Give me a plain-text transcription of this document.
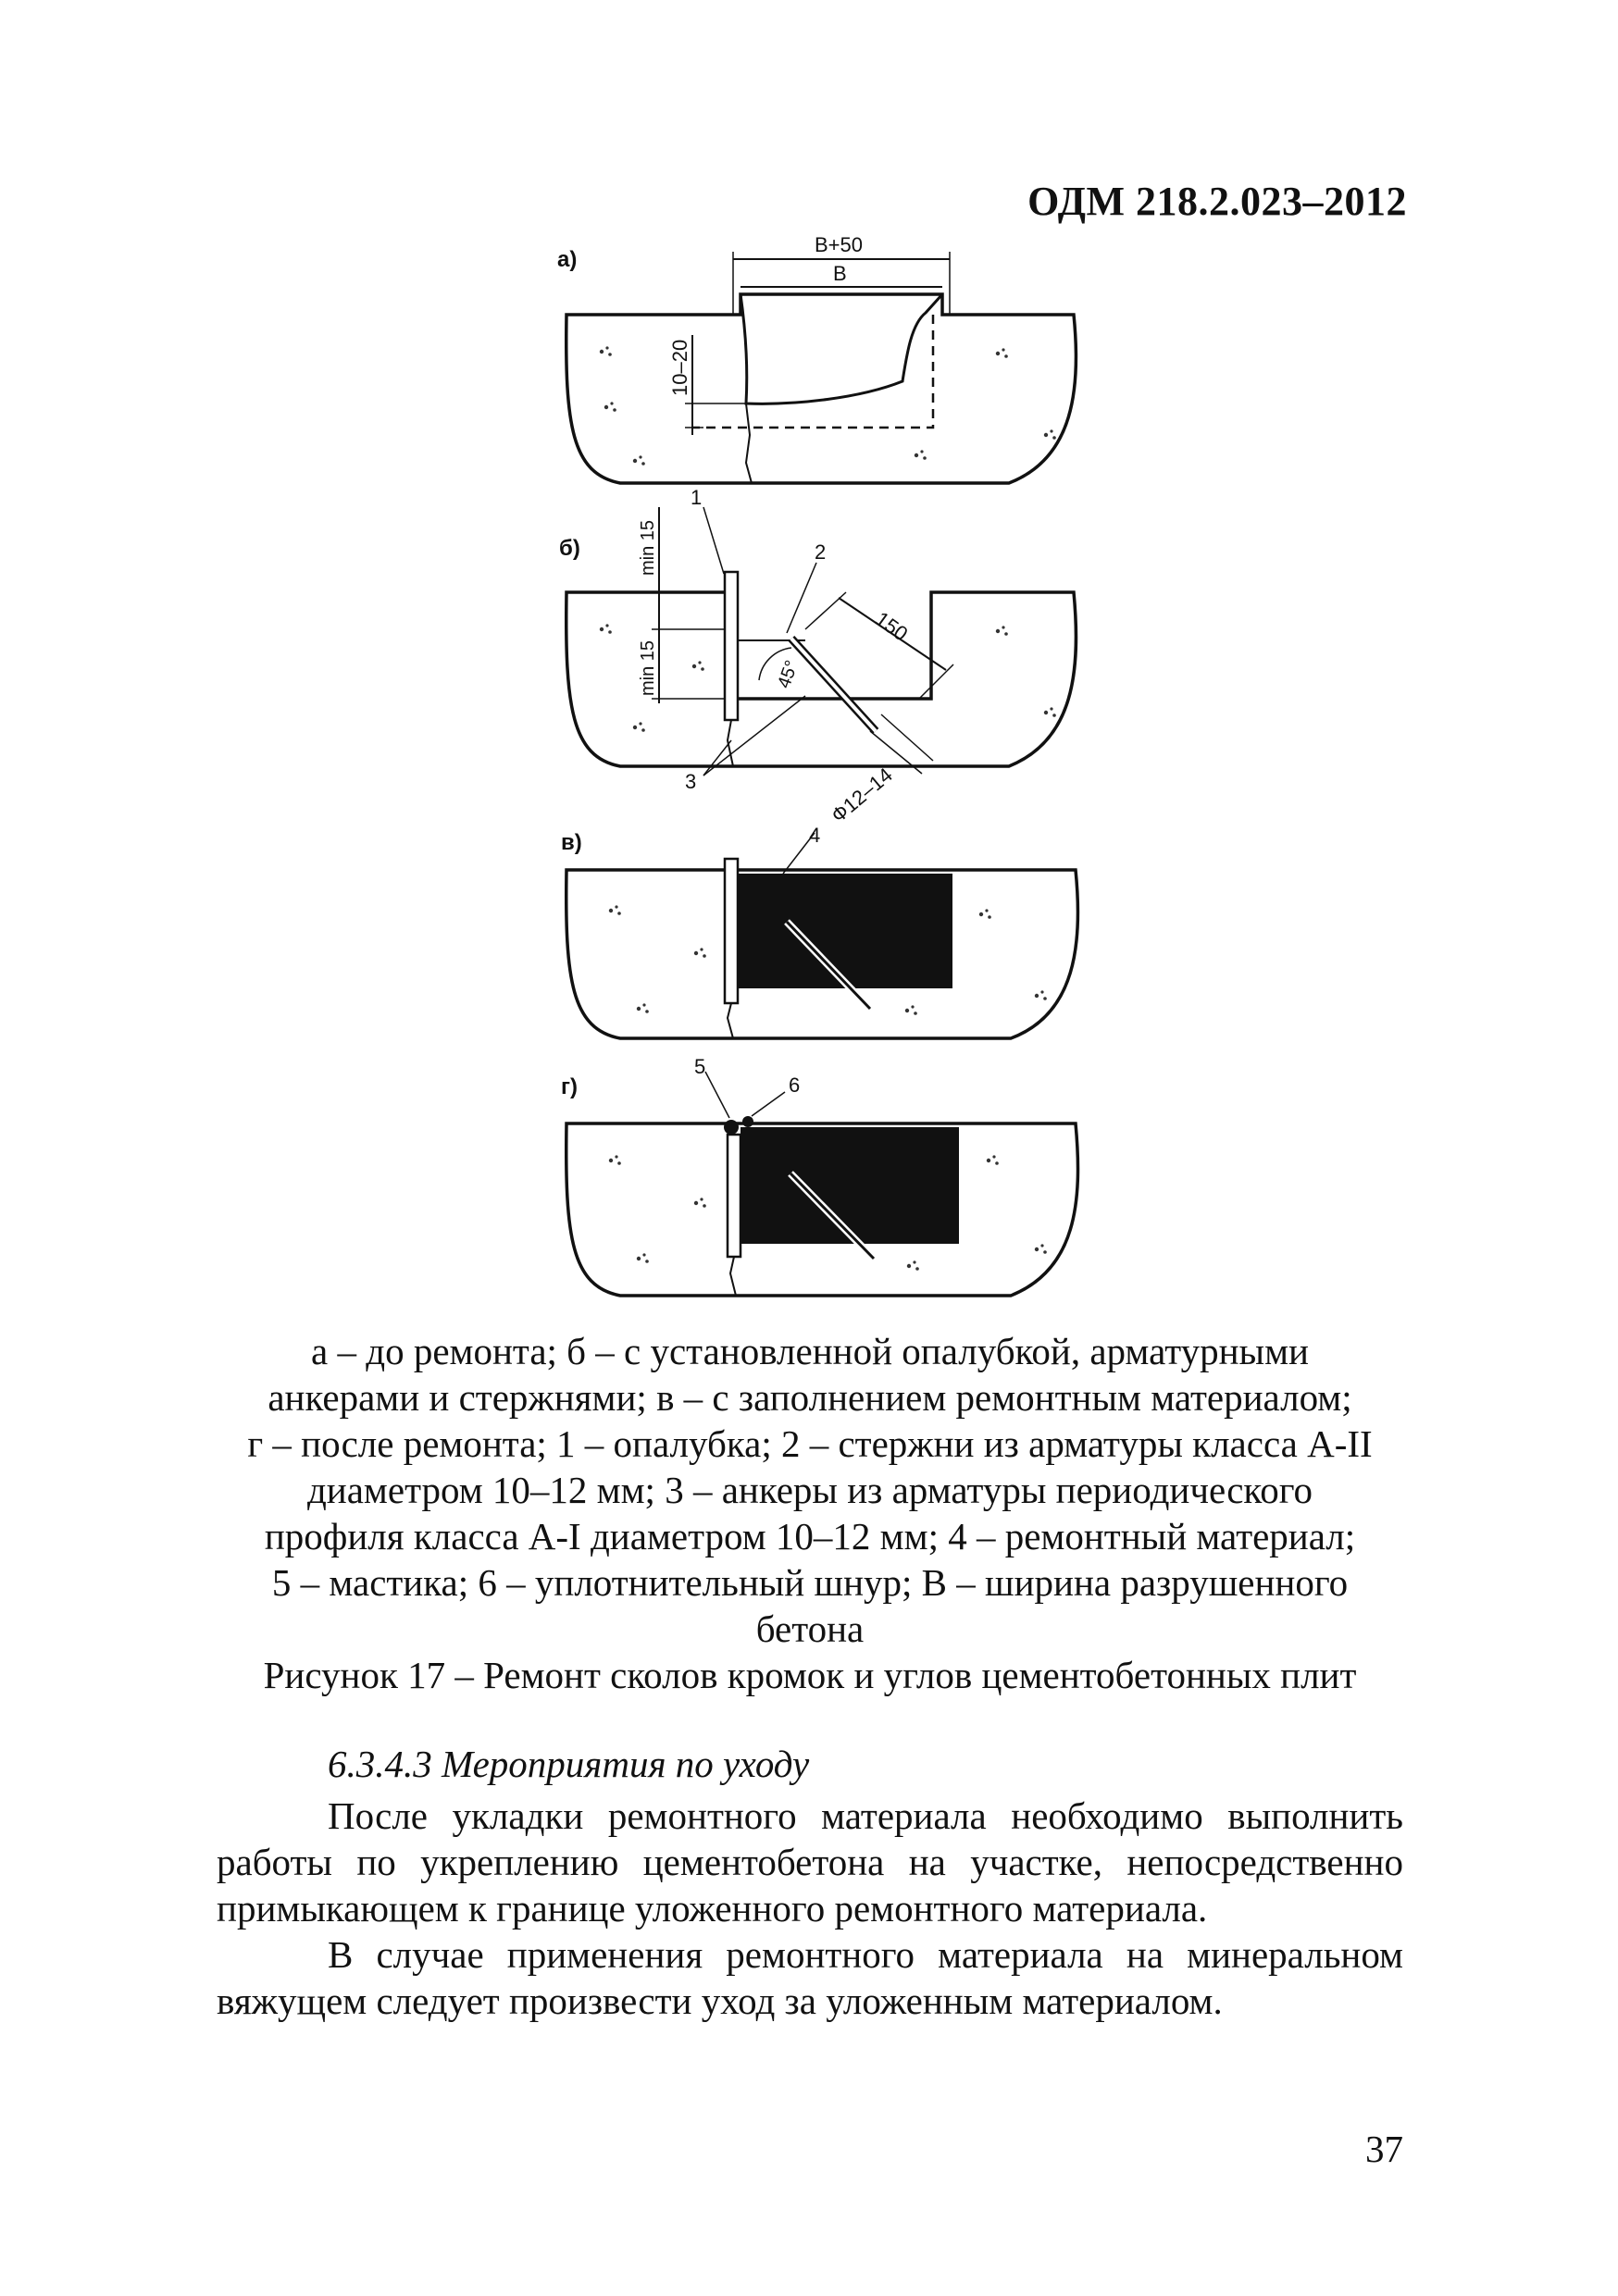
ОДМ 218.2.023–2012
а)
B+50
B
10–20
б)
150
45°
min 15
min 15
Ф12–14
1
2
3
в)	4
г)
5
6

а – до ремонта; б – с установленной опалубкой, арматурными

анкерами и стержнями; в – с заполнением ремонтным материалом;

г – после ремонта; 1 – опалубка; 2 – стержни из арматуры класса А-II

диаметром 10–12 мм; 3 – анкеры из арматуры периодического

профиля класса А-I диаметром 10–12 мм; 4 – ремонтный материал;

5 – мастика; 6 – уплотнительный шнур; В – ширина разрушенного

бетона

Рисунок 17 – Ремонт сколов кромок и углов цементобетонных плит

6.3.4.3 Мероприятия по уходу

После укладки ремонтного материала необходимо выполнить работы по укреплению цементобетона на участке, непосредственно примыкающем к границе уложенного ремонтного материала.

В случае применения ремонтного материала на минеральном вяжущем следует произвести уход за уложенным материалом.

37
